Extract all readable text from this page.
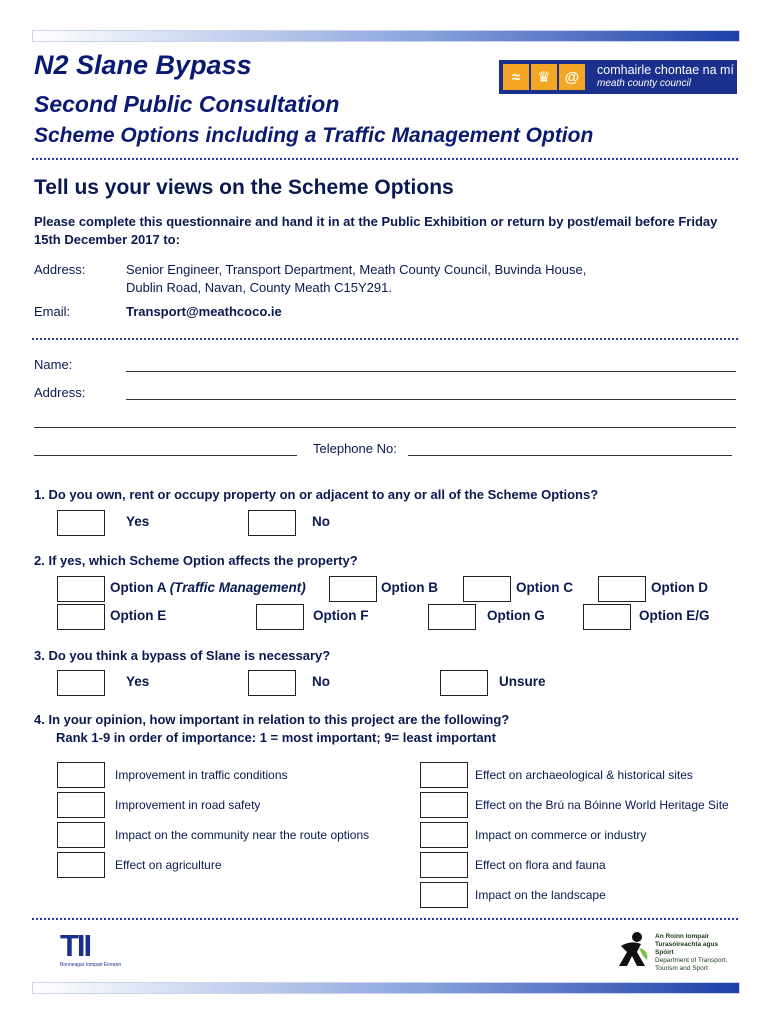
N2 Slane Bypass
Second Public Consultation
Scheme Options including a Traffic Management Option
≈	♛ @	comhairle chontae na mí
meath county council
Tell us your views on the Scheme Options
Please complete this questionnaire and hand it in at the Public Exhibition or return by post/email before Friday 15th December 2017 to:
Address:	Senior Engineer, Transport Department, Meath County Council, Buvinda House,
Dublin Road, Navan, County Meath C15Y291.
Email:	Transport@meathcoco.ie
Name:
Address:
Telephone No:
1. Do you own, rent or occupy property on or adjacent to any or all of the Scheme Options?
Yes	No
2. If yes, which Scheme Option affects the property?
Option A (Traffic Management)	Option B	Option C	Option D
Option E	Option F	Option G	Option E/G
3. Do you think a bypass of Slane is necessary?
Yes	No	Unsure
4. In your opinion, how important in relation to this project are the following?
Rank 1-9 in order of importance: 1 = most important; 9= least important
Improvement in traffic conditions
Improvement in road safety
Impact on the community near the route options
Effect on agriculture
Effect on archaeological & historical sites
Effect on the Brú na Bóinne World Heritage Site
Impact on commerce or industry
Effect on flora and fauna
Impact on the landscape
TII
Bonneagar Iompair Éireann
An Roinn Iompair
Turasóireachta agus Spóirt
Department of Transport,
Tourism and Sport
